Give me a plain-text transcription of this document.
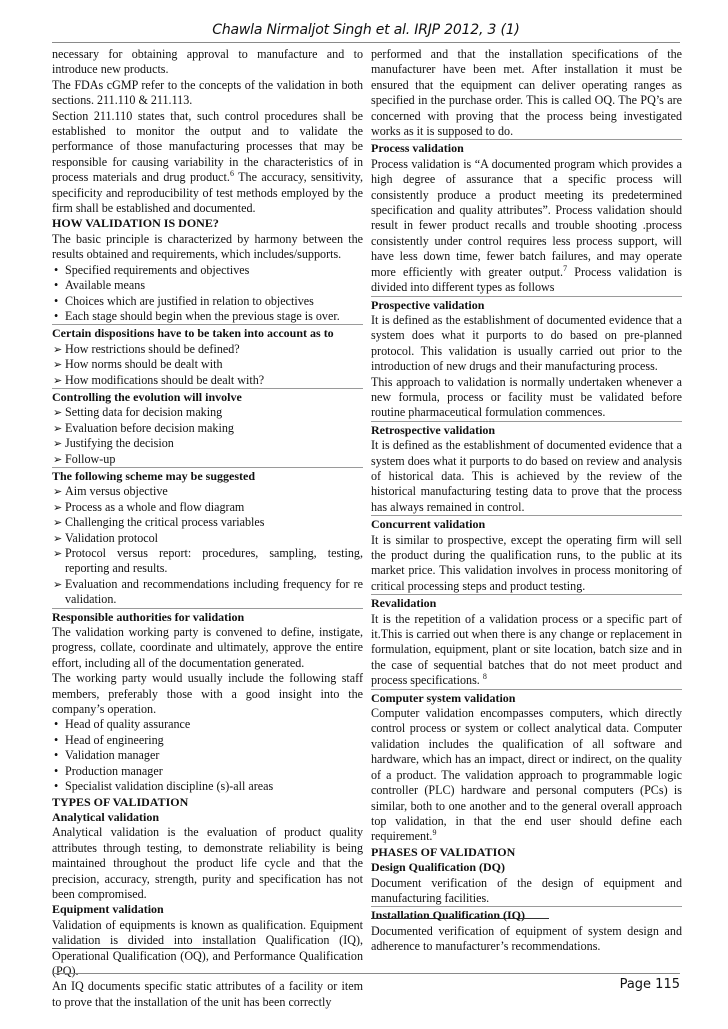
Chawla Nirmaljot Singh et al. IRJP 2012, 3 (1)

necessary for obtaining approval to manufacture and to introduce new products.

The FDAs cGMP refer to the concepts of the validation in both sections. 211.110 & 211.113.

Section 211.110 states that, such control procedures shall be established to monitor the output and to validate the performance of those manufacturing processes that may be responsible for causing variability in the characteristics of in process materials and drug product.$^6$ The accuracy, sensitivity, specificity and reproducibility of test methods employed by the firm shall be established and documented.

HOW VALIDATION IS DONE?

The basic principle is characterized by harmony between the results obtained and requirements, which includes/supports.

• Specified requirements and objectives
• Available means
• Choices which are justified in relation to objectives
• Each stage should begin when the previous stage is over.

Certain dispositions have to be taken into account as to

➢ How restrictions should be defined?
➢ How norms should be dealt with
➢ How modifications should be dealt with?

Controlling the evolution will involve

➢ Setting data for decision making
➢ Evaluation before decision making
➢ Justifying the decision
➢ Follow-up

The following scheme may be suggested

➢ Aim versus objective
➢ Process as a whole and flow diagram
➢ Challenging the critical process variables
➢ Validation protocol
➢ Protocol versus report: procedures, sampling, testing, reporting and results.
➢ Evaluation and recommendations including frequency for re validation.

Responsible authorities for validation

The validation working party is convened to define, instigate, progress, collate, coordinate and ultimately, approve the entire effort, including all of the documentation generated.

The working party would usually include the following staff members, preferably those with a good insight into the company’s operation.

• Head of quality assurance
• Head of engineering
• Validation manager
• Production manager
• Specialist validation discipline (s)-all areas

TYPES OF VALIDATION

Analytical validation

Analytical validation is the evaluation of product quality attributes through testing, to demonstrate reliability is being maintained throughout the product life cycle and that the precision, accuracy, strength, purity and specification has not been compromised.

Equipment validation

Validation of equipments is known as qualification. Equipment validation is divided into installation Qualification (IQ), Operational Qualification (OQ), and Performance Qualification (PQ).

An IQ documents specific static attributes of a facility or item to prove that the installation of the unit has been correctly

performed and that the installation specifications of the manufacturer have been met. After installation it must be ensured that the equipment can deliver operating ranges as specified in the purchase order. This is called OQ. The PQ’s are concerned with proving that the process being investigated works as it is supposed to do.

Process validation

Process validation is “A documented program which provides a high degree of assurance that a specific process will consistently produce a product meeting its predetermined specification and quality attributes”. Process validation should result in fewer product recalls and trouble shooting .process consistently under control requires less process support, will have less down time, fewer batch failures, and may operate more efficiently with greater output.$^7$ Process validation is divided into different types as follows

Prospective validation

It is defined as the establishment of documented evidence that a system does what it purports to do based on pre-planned protocol. This validation is usually carried out prior to the introduction of new drugs and their manufacturing process.

This approach to validation is normally undertaken whenever a new formula, process or facility must be validated before routine pharmaceutical formulation commences.

Retrospective validation

It is defined as the establishment of documented evidence that a system does what it purports to do based on review and analysis of historical data. This is achieved by the review of the historical manufacturing testing data to prove that the process has always remained in control.

Concurrent validation

It is similar to prospective, except the operating firm will sell the product during the qualification runs, to the public at its market price. This validation involves in process monitoring of critical processing steps and product testing.

Revalidation

It is the repetition of a validation process or a specific part of it.This is carried out when there is any change or replacement in formulation, equipment, plant or site location, batch size and in the case of sequential batches that do not meet product and process specifications. $^8$

Computer system validation

Computer validation encompasses computers, which directly control process or system or collect analytical data. Computer validation includes the qualification of all software and hardware, which has an impact, direct or indirect, on the quality of a product. The validation approach to programmable logic controller (PLC) hardware and personal computers (PCs) is similar, both to one another and to the general overall approach top validation, in that the end user should define each requirement.$^9$

PHASES OF VALIDATION

Design Qualification (DQ)

Document verification of the design of equipment and manufacturing facilities.

Installation Qualification (IQ)

Documented verification of equipment of system design and adherence to manufacturer’s recommendations.

Page 115
